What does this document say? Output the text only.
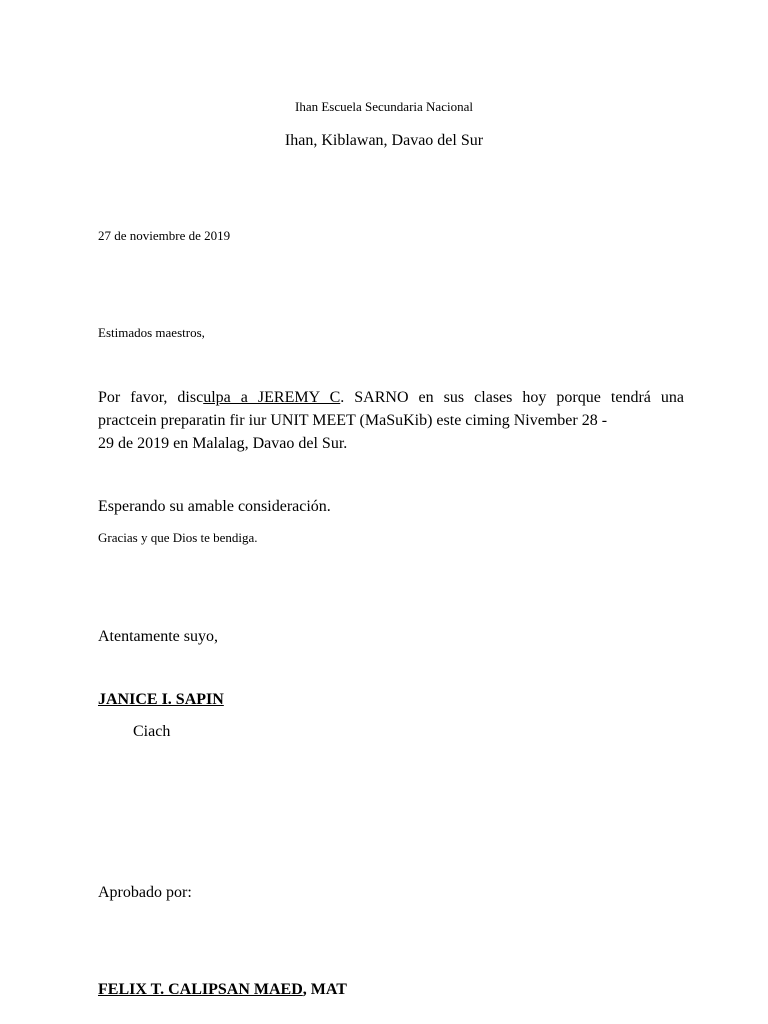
Ihan Escuela Secundaria Nacional
Ihan, Kiblawan, Davao del Sur
27 de noviembre de 2019
Estimados maestros,
Por favor, disculpa a JEREMY C. SARNO en sus clases hoy porque tendrá una
practcein preparatin fir iur UNIT MEET (MaSuKib) este ciming Nivember 28 -
29 de 2019 en Malalag, Davao del Sur.
Esperando su amable consideración.
Gracias y que Dios te bendiga.
Atentamente suyo,
JANICE I. SAPIN
Ciach
Aprobado por:
FELIX T. CALIPSAN MAED, MAT
